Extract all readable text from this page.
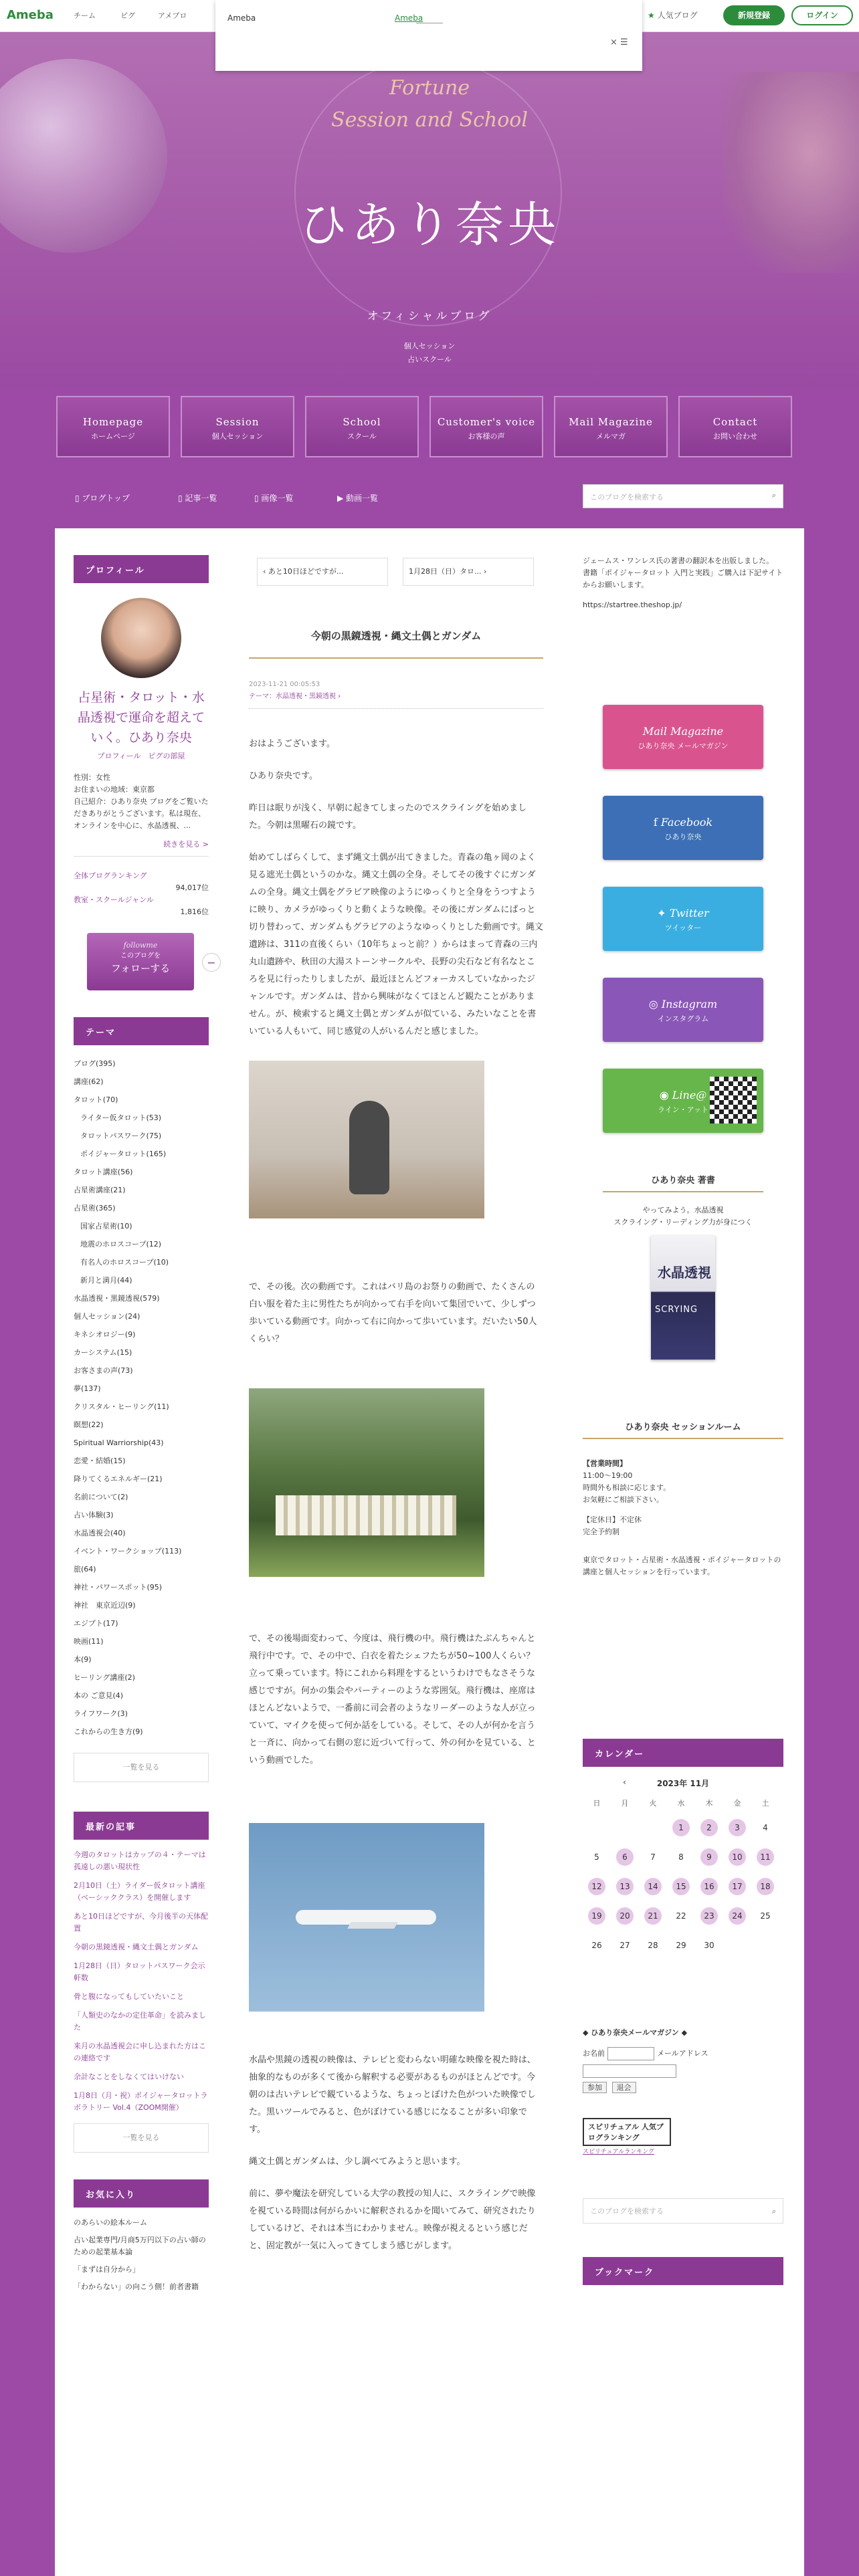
Ameba	チーム	ピグ	アメブロ	★ 人気ブログ	新規登録	ログイン
Fortune
Session and School
ひあり奈央
オフィシャルブログ
個人セッション
占いスクール
Ameba	Ameba
× ☰
Homepage
ホームページ
Session
個人セッション
School
スクール
Customer's voice
お客様の声
Mail Magazine
メルマガ
Contact
お問い合わせ
▯ ブログトップ	▯ 記事一覧	▯ 画像一覧	▶ 動画一覧	このブログを検索する	⌕
プロフィール
占星術・タロット・水晶透視で運命を超えていく。ひあり奈央
プロフィール　 ピグの部屋
性別：女性
お住まいの地域：東京都
自己紹介：ひあり奈央 ブログをご覧いただきありがとうございます。私は現在、オンラインを中心に、水晶透視、...
続きを見る >
全体ブログランキング
94,017位
教室・スクールジャンル
1,816位
followme
このブログを
フォローする	−
テーマ
ブログ(395)
講座(62)
タロット(70)
ライター仮タロット(53)
タロットパスワーク(75)
ポイジャータロット(165)
タロット講座(56)
占星術講座(21)
占星術(365)
国家占星術(10)
地震のホロスコープ(12)
有名人のホロスコープ(10)
新月と満月(44)
水晶透視・黒鏡透視(579)
個人セッション(24)
キネシオロジー(9)
カーシステム(15)
お客さまの声(73)
夢(137)
クリスタル・ヒーリング(11)
瞑想(22)
Spiritual Warriorship(43)
恋愛・結婚(15)
降りてくるエネルギー(21)
名前について(2)
占い体験(3)
水晶透視会(40)
イベント・ワークショップ(113)
旅(64)
神社・パワースポット(95)
神社　東京近辺(9)
エジプト(17)
映画(11)
本(9)
ヒーリング講座(2)
本の ご意見(4)
ライフワーク(3)
これからの生き方(9)
一覧を見る
最新の記事
今週のタロットはカップの４・テーマは孤遠しの悪い現状性
2月10日（土）ライダー仮タロット講座（ベーシッククラス）を開催します
あと10日ほどですが、今月後半の天体配置
今朝の黒鏡透視・縄文土偶とガンダム
1月28日（日）タロットパスワーク会示軒数
骨と腹になってもしていたいこと
「人類史のなかの定住革命」を読みました
来月の水晶透視会に申し込まれた方はこの連絡です
余計なことをしなくてはいけない
1月8日（月・祝）ポイジャータロットラボラトリー Vol.4（ZOOM開催）
一覧を見る
お気に入り
のあらいの絵本ルーム
占い起業専門/月商5万円以下の占い師のための起業基本論
「まずは自分から」
「わからない」の向こう側！前者書籍
‹ あと10日ほどですが...	1月28日（日）タロ... ›
今朝の黒鏡透視・縄文土偶とガンダム
2023-11-21 00:05:53
テーマ：水晶透視・黒鏡透視 ›

おはようございます。

ひあり奈央です。

昨日は眠りが浅く、早朝に起きてしまったのでスクライングを始めました。今朝は黒曜石の鏡です。

始めてしばらくして、まず縄文土偶が出てきました。青森の亀ヶ岡のよく見る遮光土偶というのかな。縄文土偶の全身。そしてその後すぐにガンダムの全身。縄文土偶をグラビア映像のようにゆっくりと全身をうつすように映り、カメラがゆっくりと動くような映像。その後にガンダムにぱっと切り替わって、ガンダムもグラビアのようなゆっくりとした動画です。縄文遺跡は、311の直後くらい（10年ちょっと前？）からはまって青森の三内丸山遺跡や、秋田の大湯ストーンサークルや、長野の尖石など有名なところを見に行ったりしましたが、最近ほとんどフォーカスしていなかったジャンルです。ガンダムは、昔から興味がなくてほとんど観たことがありません。が、検索すると縄文土偶とガンダムが似ている、みたいなことを書いている人もいて、同じ感覚の人がいるんだと感じました。

で、その後。次の動画です。これはバリ島のお祭りの動画で、たくさんの白い服を着た主に男性たちが向かって右手を向いて集団でいて、少しずつ歩いている動画です。向かって右に向かって歩いています。だいたい50人くらい？

で、その後場面変わって、今度は、飛行機の中。飛行機はたぶんちゃんと飛行中です。で、その中で、白衣を着たシェフたちが50~100人くらい？立って乗っています。特にこれから料理をするというわけでもなさそうな感じですが。何かの集会やパーティーのような雰囲気。飛行機は、座席はほとんどないようで、一番前に司会者のようなリーダーのような人が立っていて、マイクを使って何か話をしている。そして、その人が何かを言うと一斉に、向かって右側の窓に近づいて行って、外の何かを見ている、という動画でした。

水晶や黒鏡の透視の映像は、テレビと変わらない明確な映像を視た時は、抽象的なものが多くて後から解釈する必要があるものがほとんどです。今朝のは古いテレビで観ているような、ちょっとぼけた色がついた映像でした。黒いツールでみると、色がぼけている感じになることが多い印象です。

縄文土偶とガンダムは、少し調べてみようと思います。

前に、夢や魔法を研究している大学の教授の知人に、スクライングで映像を視ている時間は何がらかいに解釈されるかを聞いてみて、研究されたりしているけど、それは本当にわかりません。映像が視えるという感じだと、固定教が一気に入ってきてしまう感じがします。

ジェームス・ワンレス氏の著書の翻訳本を出版しました。
書籍「ポイジャータロット 入門と実践」ご購入は下記サイトからお願いします。
https://startree.theshop.jp/
Mail Magazine
ひあり奈央 メールマガジン
f Facebook
ひあり奈央
✦ Twitter
ツイッター
◎ Instagram
インスタグラム
◉ Line@
ライン・アット
ひあり奈央 著書
やってみよう。水晶透視
スクライング・リーディング力が身につく
水晶透視
SCRYING
ひあり奈央 セッションルーム
【営業時間】
11:00〜19:00
時間外も相談に応じます。
お気軽にご相談下さい。
【定休日】不定休
完全予約制
東京でタロット・占星術・水晶透視・ポイジャータロットの講座と個人セッションを行っています。
カレンダー
‹	2023年 11月
日	月	火	水	木	金	土
			1	2	3	4
5	6	7	8	9	10	11
12	13	14	15	16	17	18
19	20	21	22	23	24	25
26	27	28	29	30		
◆ ひあり奈央メールマガジン ◆
お名前	メールアドレス
参加 退会
スピリチュアル 人気ブログランキング
スピリチュアルランキング
このブログを検索する	⌕
ブックマーク
